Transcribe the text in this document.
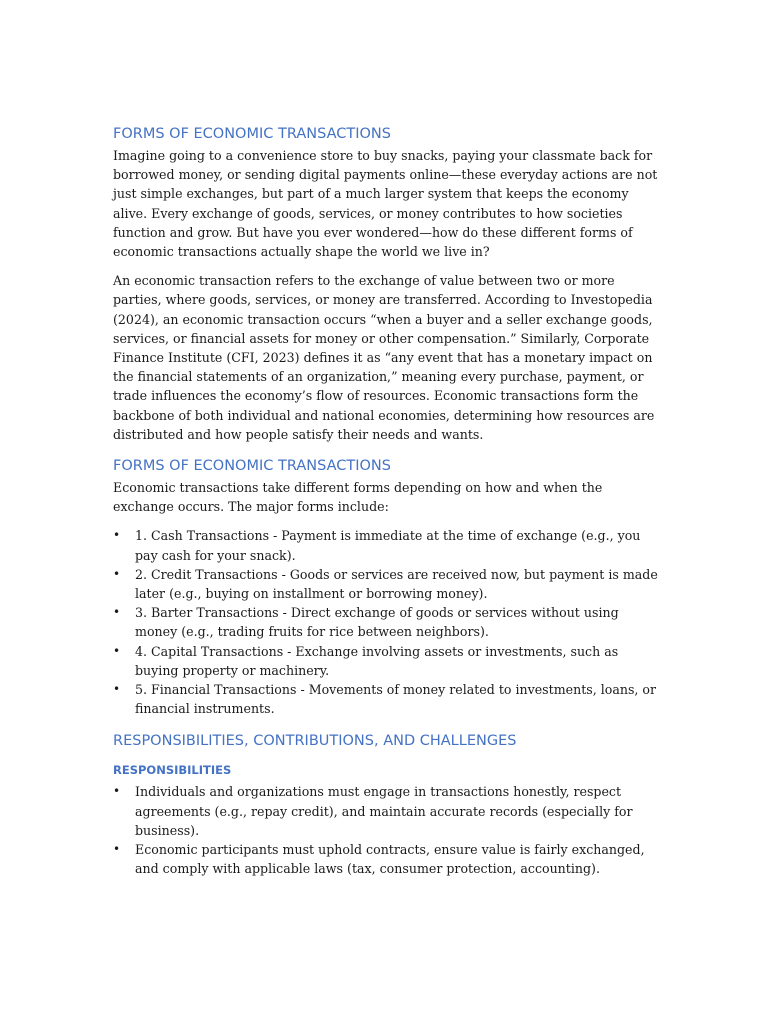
FORMS OF ECONOMIC TRANSACTIONS

Imagine going to a convenience store to buy snacks, paying your classmate back for borrowed money, or sending digital payments online—these everyday actions are not just simple exchanges, but part of a much larger system that keeps the economy alive. Every exchange of goods, services, or money contributes to how societies function and grow. But have you ever wondered—how do these different forms of economic transactions actually shape the world we live in?

An economic transaction refers to the exchange of value between two or more parties, where goods, services, or money are transferred. According to Investopedia (2024), an economic transaction occurs “when a buyer and a seller exchange goods, services, or financial assets for money or other compensation.” Similarly, Corporate Finance Institute (CFI, 2023) defines it as “any event that has a monetary impact on the financial statements of an organization,” meaning every purchase, payment, or trade influences the economy’s flow of resources. Economic transactions form the backbone of both individual and national economies, determining how resources are distributed and how people satisfy their needs and wants.

FORMS OF ECONOMIC TRANSACTIONS

Economic transactions take different forms depending on how and when the exchange occurs. The major forms include:

• 1. Cash Transactions - Payment is immediate at the time of exchange (e.g., you pay cash for your snack).
• 2. Credit Transactions - Goods or services are received now, but payment is made later (e.g., buying on installment or borrowing money).
• 3. Barter Transactions - Direct exchange of goods or services without using money (e.g., trading fruits for rice between neighbors).
• 4. Capital Transactions - Exchange involving assets or investments, such as buying property or machinery.
• 5. Financial Transactions - Movements of money related to investments, loans, or financial instruments.
RESPONSIBILITIES, CONTRIBUTIONS, AND CHALLENGES
RESPONSIBILITIES
• Individuals and organizations must engage in transactions honestly, respect agreements (e.g., repay credit), and maintain accurate records (especially for business).
• Economic participants must uphold contracts, ensure value is fairly exchanged, and comply with applicable laws (tax, consumer protection, accounting).
